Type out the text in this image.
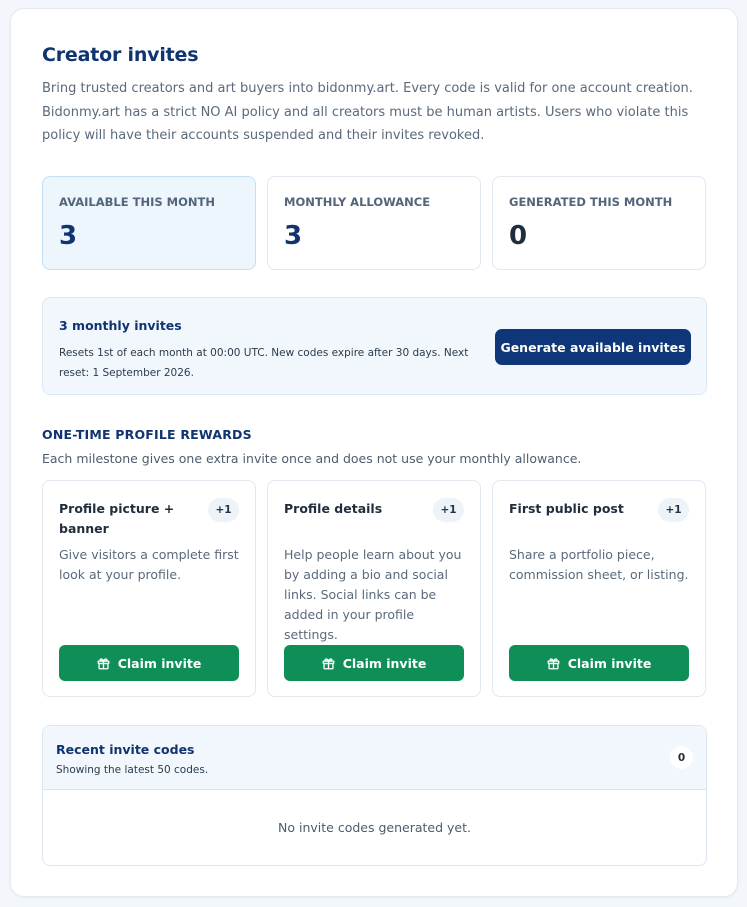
Creator invites

Bring trusted creators and art buyers into bidonmy.art. Every code is valid for one account creation. Bidonmy.art has a strict NO AI policy and all creators must be human artists. Users who violate this policy will have their accounts suspended and their invites revoked.

AVAILABLE THIS MONTH
3
MONTHLY ALLOWANCE
3
GENERATED THIS MONTH
0
3 monthly invites
Resets 1st of each month at 00:00 UTC. New codes expire after 30 days. Next reset: 1 September 2026.
Generate available invites
ONE-TIME PROFILE REWARDS
Each milestone gives one extra invite once and does not use your monthly allowance.
Profile picture + banner
+1
Give visitors a complete first look at your profile.
Claim invite
Profile details	+1
Help people learn about you by adding a bio and social links. Social links can be added in your profile settings.
Claim invite
First public post	+1
Share a portfolio piece, commission sheet, or listing.
Claim invite
Recent invite codes
Showing the latest 50 codes.
0
No invite codes generated yet.
